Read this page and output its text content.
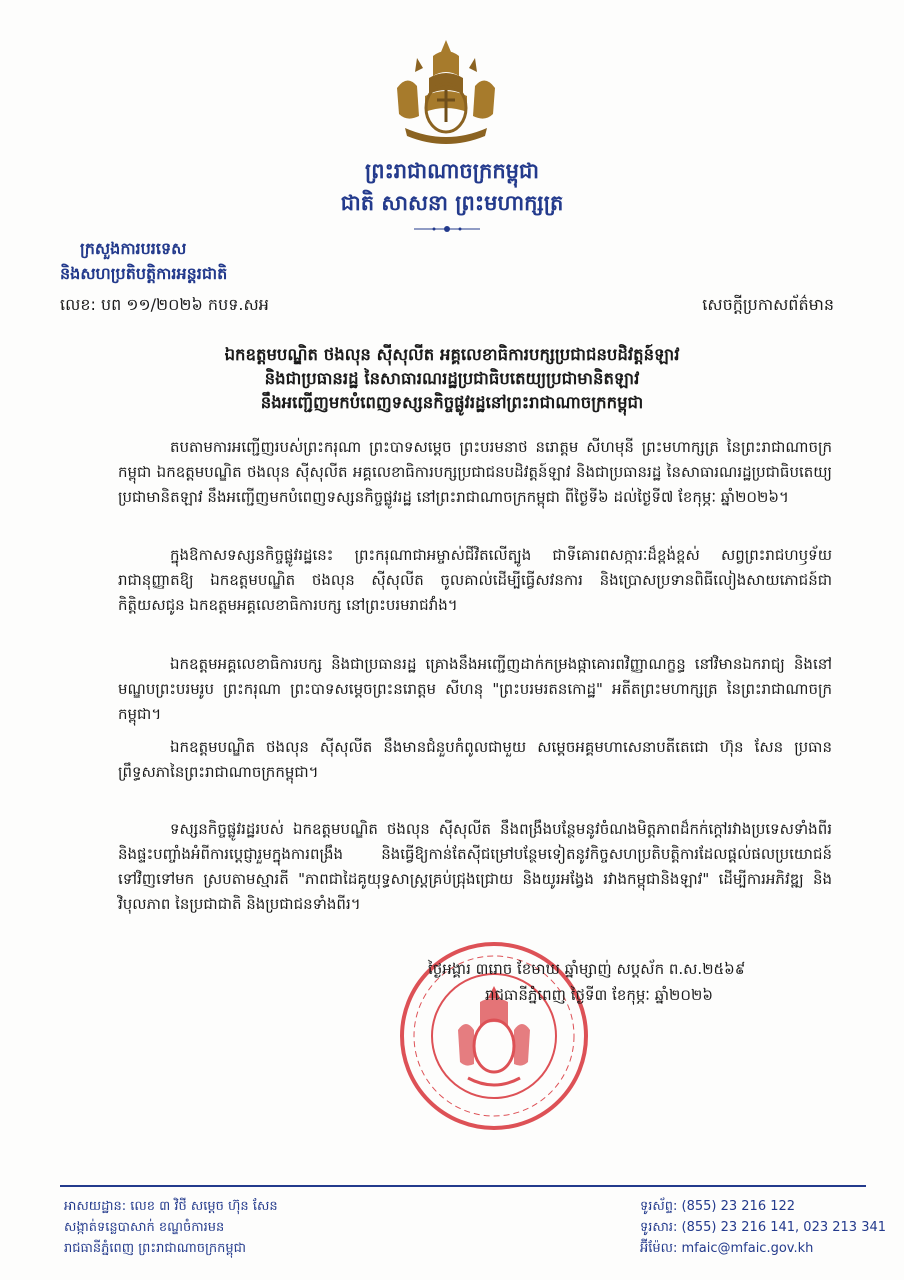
ព្រះរាជាណាចក្រកម្ពុជា
ជាតិ សាសនា ព្រះមហាក្សត្រ
ក្រសួងការបរទេស
និងសហប្រតិបត្តិការអន្តរជាតិ
លេខ: បព ១១/២០២៦ កបទ.សអ	សេចក្តីប្រកាសព័ត៌មាន
ឯកឧត្តមបណ្ឌិត ថងលុន ស៊ីសុលីត អគ្គលេខាធិការបក្សប្រជាជនបដិវត្តន៍ឡាវ
និងជាប្រធានរដ្ឋ នៃសាធារណរដ្ឋប្រជាធិបតេយ្យប្រជាមានិតឡាវ
នឹងអញ្ជើញមកបំពេញទស្សនកិច្ចផ្លូវរដ្ឋនៅព្រះរាជាណាចក្រកម្ពុជា

តបតាមការអញ្ជើញរបស់ព្រះករុណា ព្រះបាទសម្តេច ព្រះបរមនាថ នរោត្តម សីហមុនី ព្រះមហាក្សត្រ នៃព្រះរាជាណាចក្រកម្ពុជា ឯកឧត្តមបណ្ឌិត ថងលុន ស៊ីសុលីត អគ្គលេខាធិការបក្សប្រជាជនបដិវត្តន៍ឡាវ និងជាប្រធានរដ្ឋ នៃសាធារណរដ្ឋប្រជាធិបតេយ្យប្រជាមានិតឡាវ នឹងអញ្ជើញមកបំពេញទស្សនកិច្ចផ្លូវរដ្ឋ នៅព្រះរាជាណាចក្រកម្ពុជា ពីថ្ងៃទី៦ ដល់ថ្ងៃទី៧ ខែកុម្ភៈ ឆ្នាំ២០២៦។

ក្នុងឱកាសទស្សនកិច្ចផ្លូវរដ្ឋនេះ ព្រះករុណាជាអម្ចាស់ជីវិតលើត្បូង ជាទីគោរពសក្ការៈដ៏ខ្ពង់ខ្ពស់ សព្វព្រះរាជហឫទ័យរាជានុញ្ញាតឱ្យ ឯកឧត្តមបណ្ឌិត ថងលុន ស៊ីសុលីត ចូលគាល់ដើម្បីធ្វើសវនការ និងប្រោសប្រទានពិធីលៀងសាយភោជន៍ជាកិត្តិយសជូន ឯកឧត្តមអគ្គលេខាធិការបក្ស នៅព្រះបរមរាជវាំង។

ឯកឧត្តមអគ្គលេខាធិការបក្ស និងជាប្រធានរដ្ឋ គ្រោងនឹងអញ្ជើញដាក់កម្រងផ្កាគោរពវិញ្ញាណក្ខន្ធ នៅវិមានឯករាជ្យ និងនៅមណ្ឌបព្រះបរមរូប ព្រះករុណា ព្រះបាទសម្តេចព្រះនរោត្តម សីហនុ "ព្រះបរមរតនកោដ្ឋ" អតីតព្រះមហាក្សត្រ នៃព្រះរាជាណាចក្រកម្ពុជា។

ឯកឧត្តមបណ្ឌិត ថងលុន ស៊ីសុលីត នឹងមានជំនួបកំពូលជាមួយ សម្តេចអគ្គមហាសេនាបតីតេជោ ហ៊ុន សែន ប្រធានព្រឹទ្ធសភានៃព្រះរាជាណាចក្រកម្ពុជា។

ទស្សនកិច្ចផ្លូវរដ្ឋរបស់ ឯកឧត្តមបណ្ឌិត ថងលុន ស៊ីសុលីត នឹងពង្រឹងបន្ថែមនូវចំណងមិត្តភាពដ៏កក់ក្តៅរវាងប្រទេសទាំងពីរ និងផ្ទះបញ្ចាំងអំពីការប្តេជ្ញារួមក្នុងការពង្រឹង និងធ្វើឱ្យកាន់តែស៊ីជម្រៅបន្ថែមទៀតនូវកិច្ចសហប្រតិបត្តិការដែលផ្តល់ផលប្រយោជន៍ទៅវិញទៅមក ស្របតាមស្មារតី "ភាពជាដៃគូយុទ្ធសាស្ត្រគ្រប់ជ្រុងជ្រោយ និងយូរអង្វែង រវាងកម្ពុជានិងឡាវ" ដើម្បីការអភិវឌ្ឍ និងវិបុលភាព នៃប្រជាជាតិ និងប្រជាជនទាំងពីរ។

ថ្ងៃអង្គារ ៣រោច ខែមាឃ ឆ្នាំម្សាញ់ សប្តស័ក ព.ស.២៥៦៩
រាជធានីភ្នំពេញ ថ្ងៃទី៣ ខែកុម្ភៈ ឆ្នាំ២០២៦
អាសយដ្ឋាន: លេខ ៣ វិថី សម្តេច ហ៊ុន សែន
សង្កាត់ទន្លេបាសាក់ ខណ្ឌចំការមន
រាជធានីភ្នំពេញ ព្រះរាជាណាចក្រកម្ពុជា
ទូរស័ព្ទ: (855) 23 216 122
ទូរសារ: (855) 23 216 141, 023 213 341
អ៊ីម៉ែល: mfaic@mfaic.gov.kh
